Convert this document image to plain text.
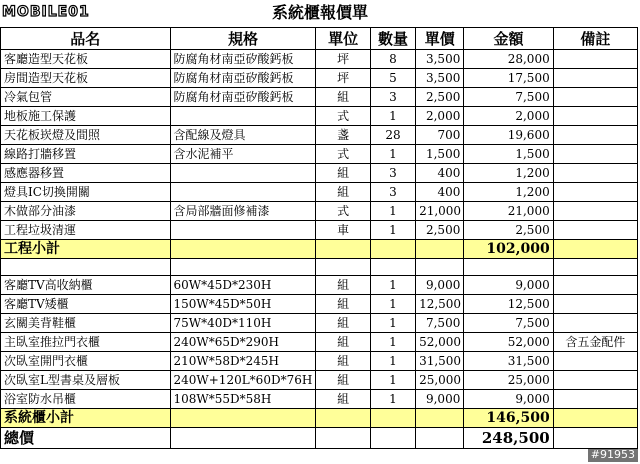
MOBILE01	系統櫃報價單
品名	規格	單位	數量	單價	金額	備註
客廳造型天花板	防腐角材南亞矽酸鈣板	坪	8	3,500	28,000	
房間造型天花板	防腐角材南亞矽酸鈣板	坪	5	3,500	17,500	
冷氣包管	防腐角材南亞矽酸鈣板	組	3	2,500	7,500	
地板施工保護		式	1	2,000	2,000	
天花板崁燈及間照	含配線及燈具	盞	28	700	19,600	
線路打牆移置	含水泥補平	式	1	1,500	1,500	
感應器移置		組	3	400	1,200	
燈具IC切換開關		組	3	400	1,200	
木做部分油漆	含局部牆面修補漆	式	1	21,000	21,000	
工程垃圾清運		車	1	2,500	2,500	
工程小計					102,000	

客廳TV高收納櫃	60W*45D*230H	組	1	9,000	9,000	
客廳TV矮櫃	150W*45D*50H	組	1	12,500	12,500	
玄關美背鞋櫃	75W*40D*110H	組	1	7,500	7,500	
主臥室推拉門衣櫃	240W*65D*290H	組	1	52,000	52,000	含五金配件
次臥室開門衣櫃	210W*58D*245H	組	1	31,500	31,500	
次臥室L型書桌及層板	240W+120L*60D*76H	組	1	25,000	25,000	
浴室防水吊櫃	108W*55D*58H	組	1	9,000	9,000	
系統櫃小計					146,500	
總價					248,500	
#91953
